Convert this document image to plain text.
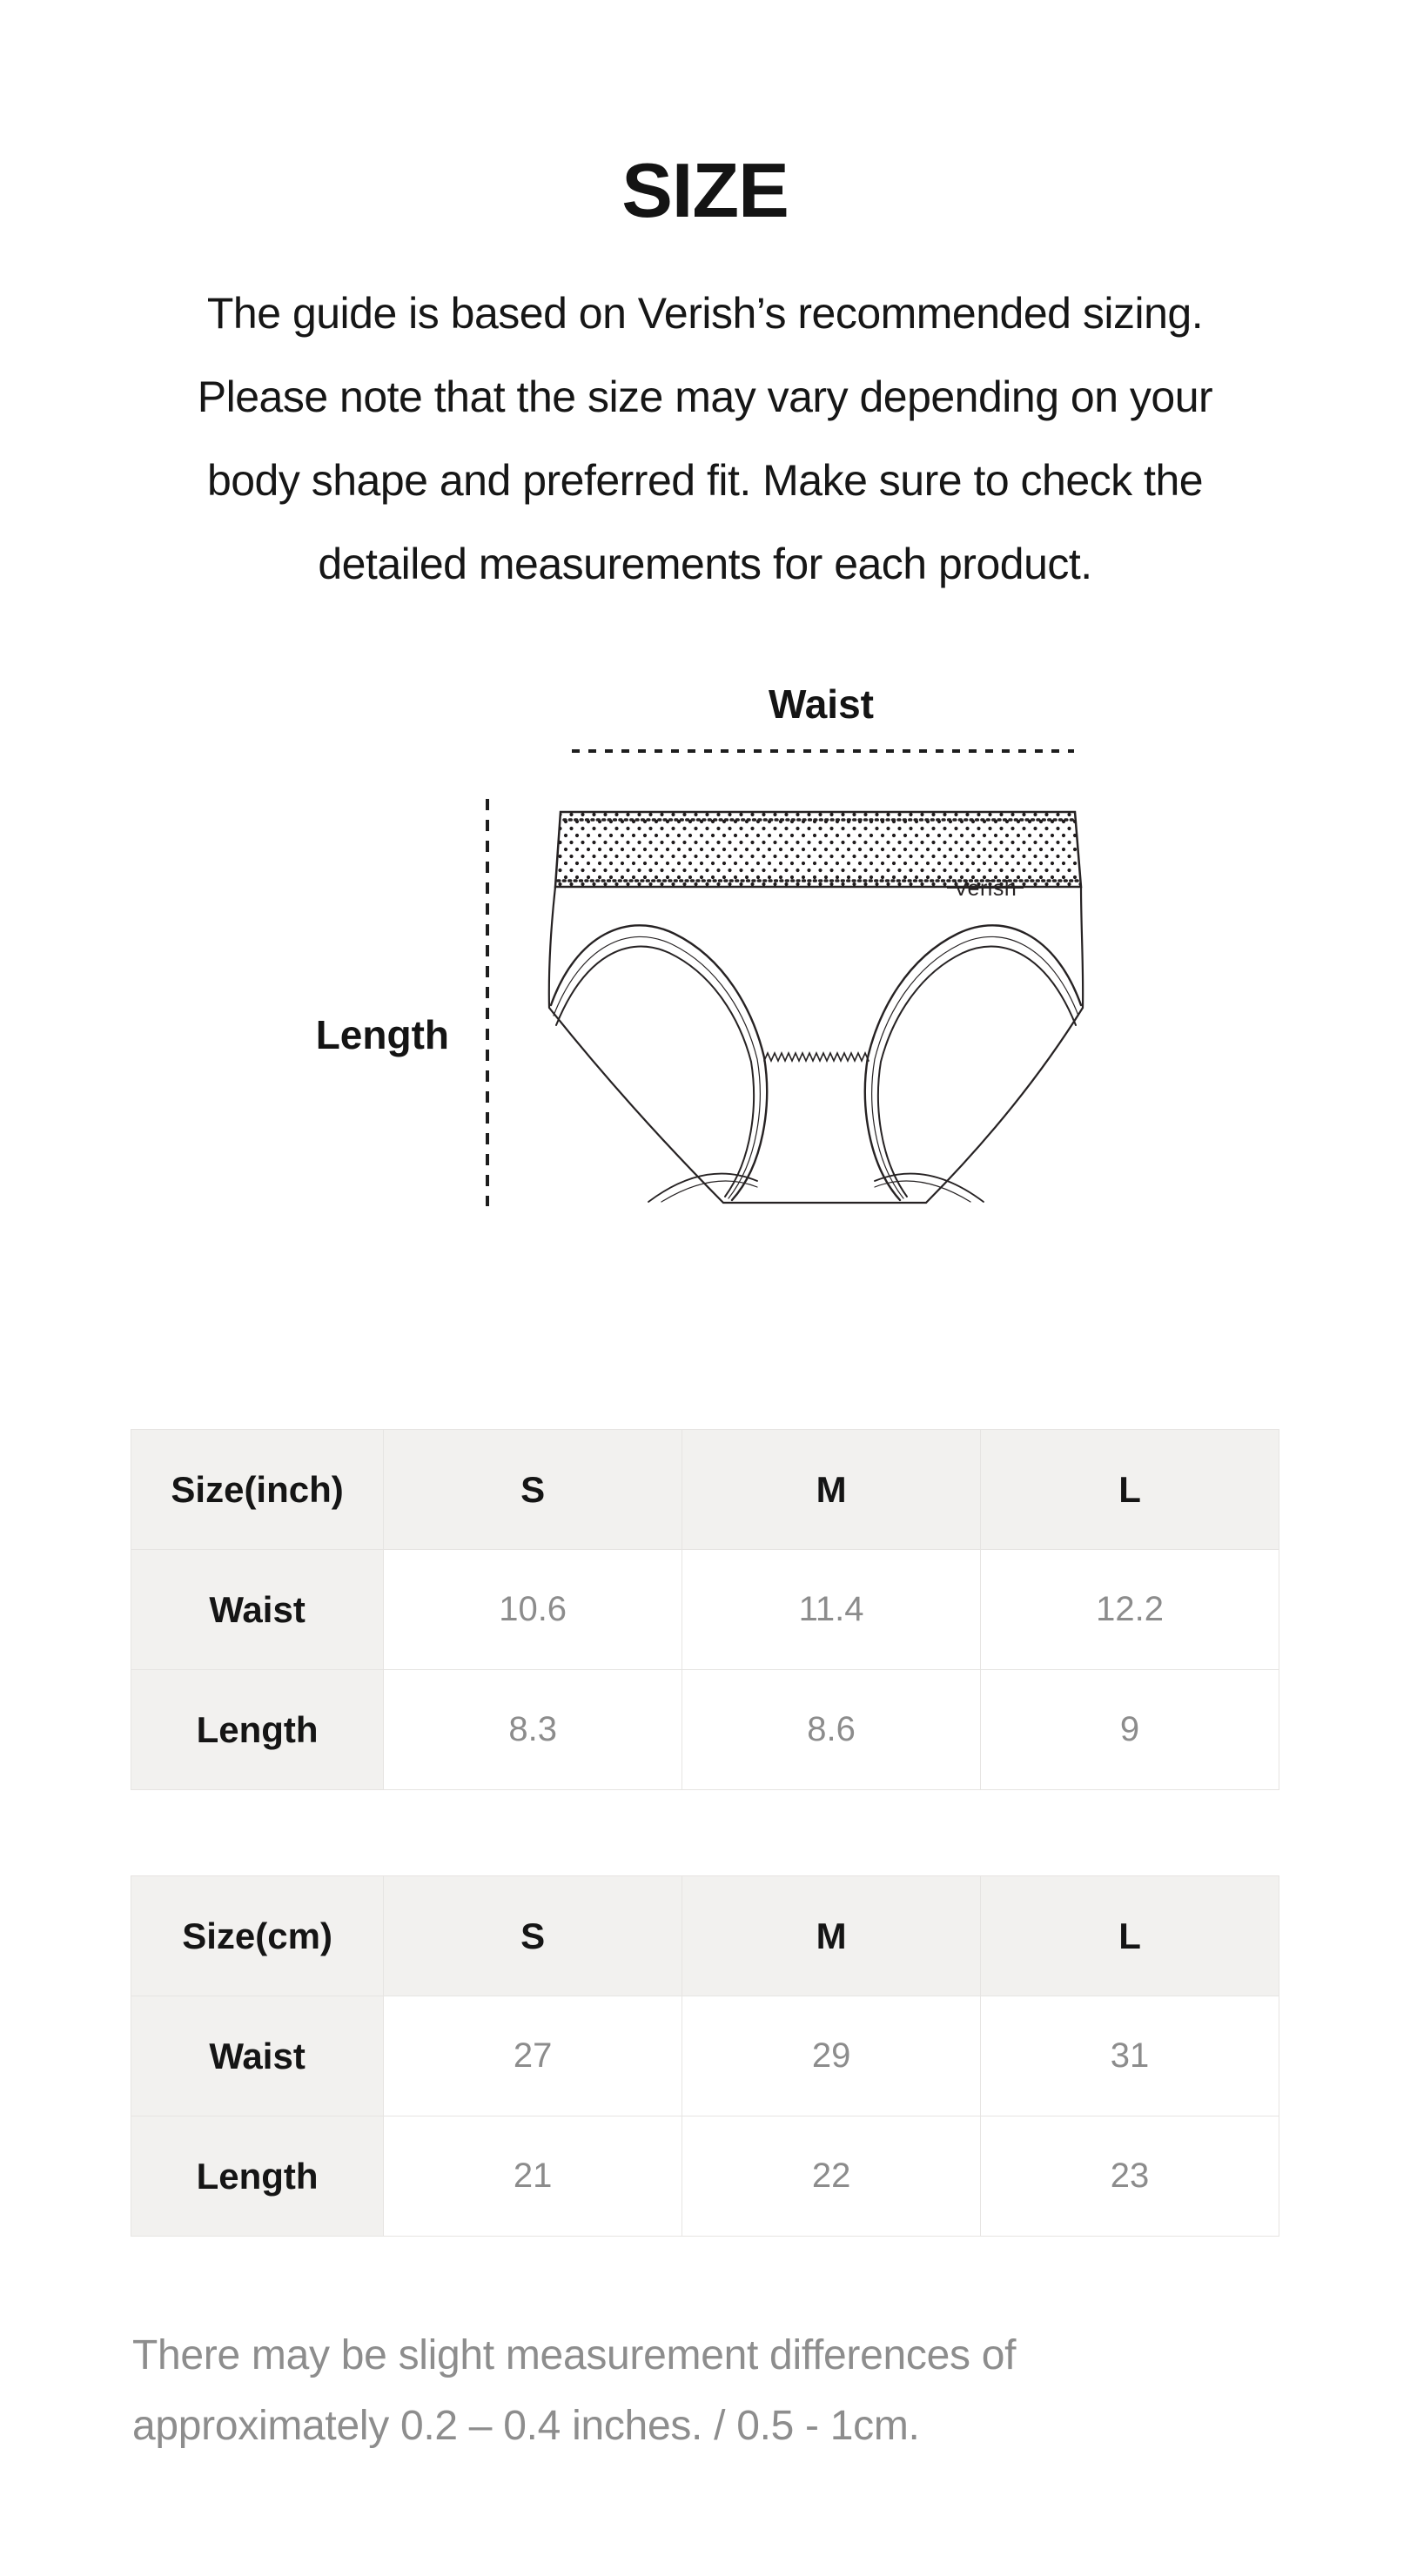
SIZE
The guide is based on Verish’s recommended sizing.
Please note that the size may vary depending on your
body shape and preferred fit. Make sure to check the
detailed measurements for each product.
Waist
Length
Verish
Size(inch)	S	M	L
Waist	10.6	11.4	12.2
Length	8.3	8.6	9
Size(cm)	S	M	L
Waist	27	29	31
Length	21	22	23
There may be slight measurement differences of
approximately 0.2 – 0.4 inches. / 0.5 - 1cm.
